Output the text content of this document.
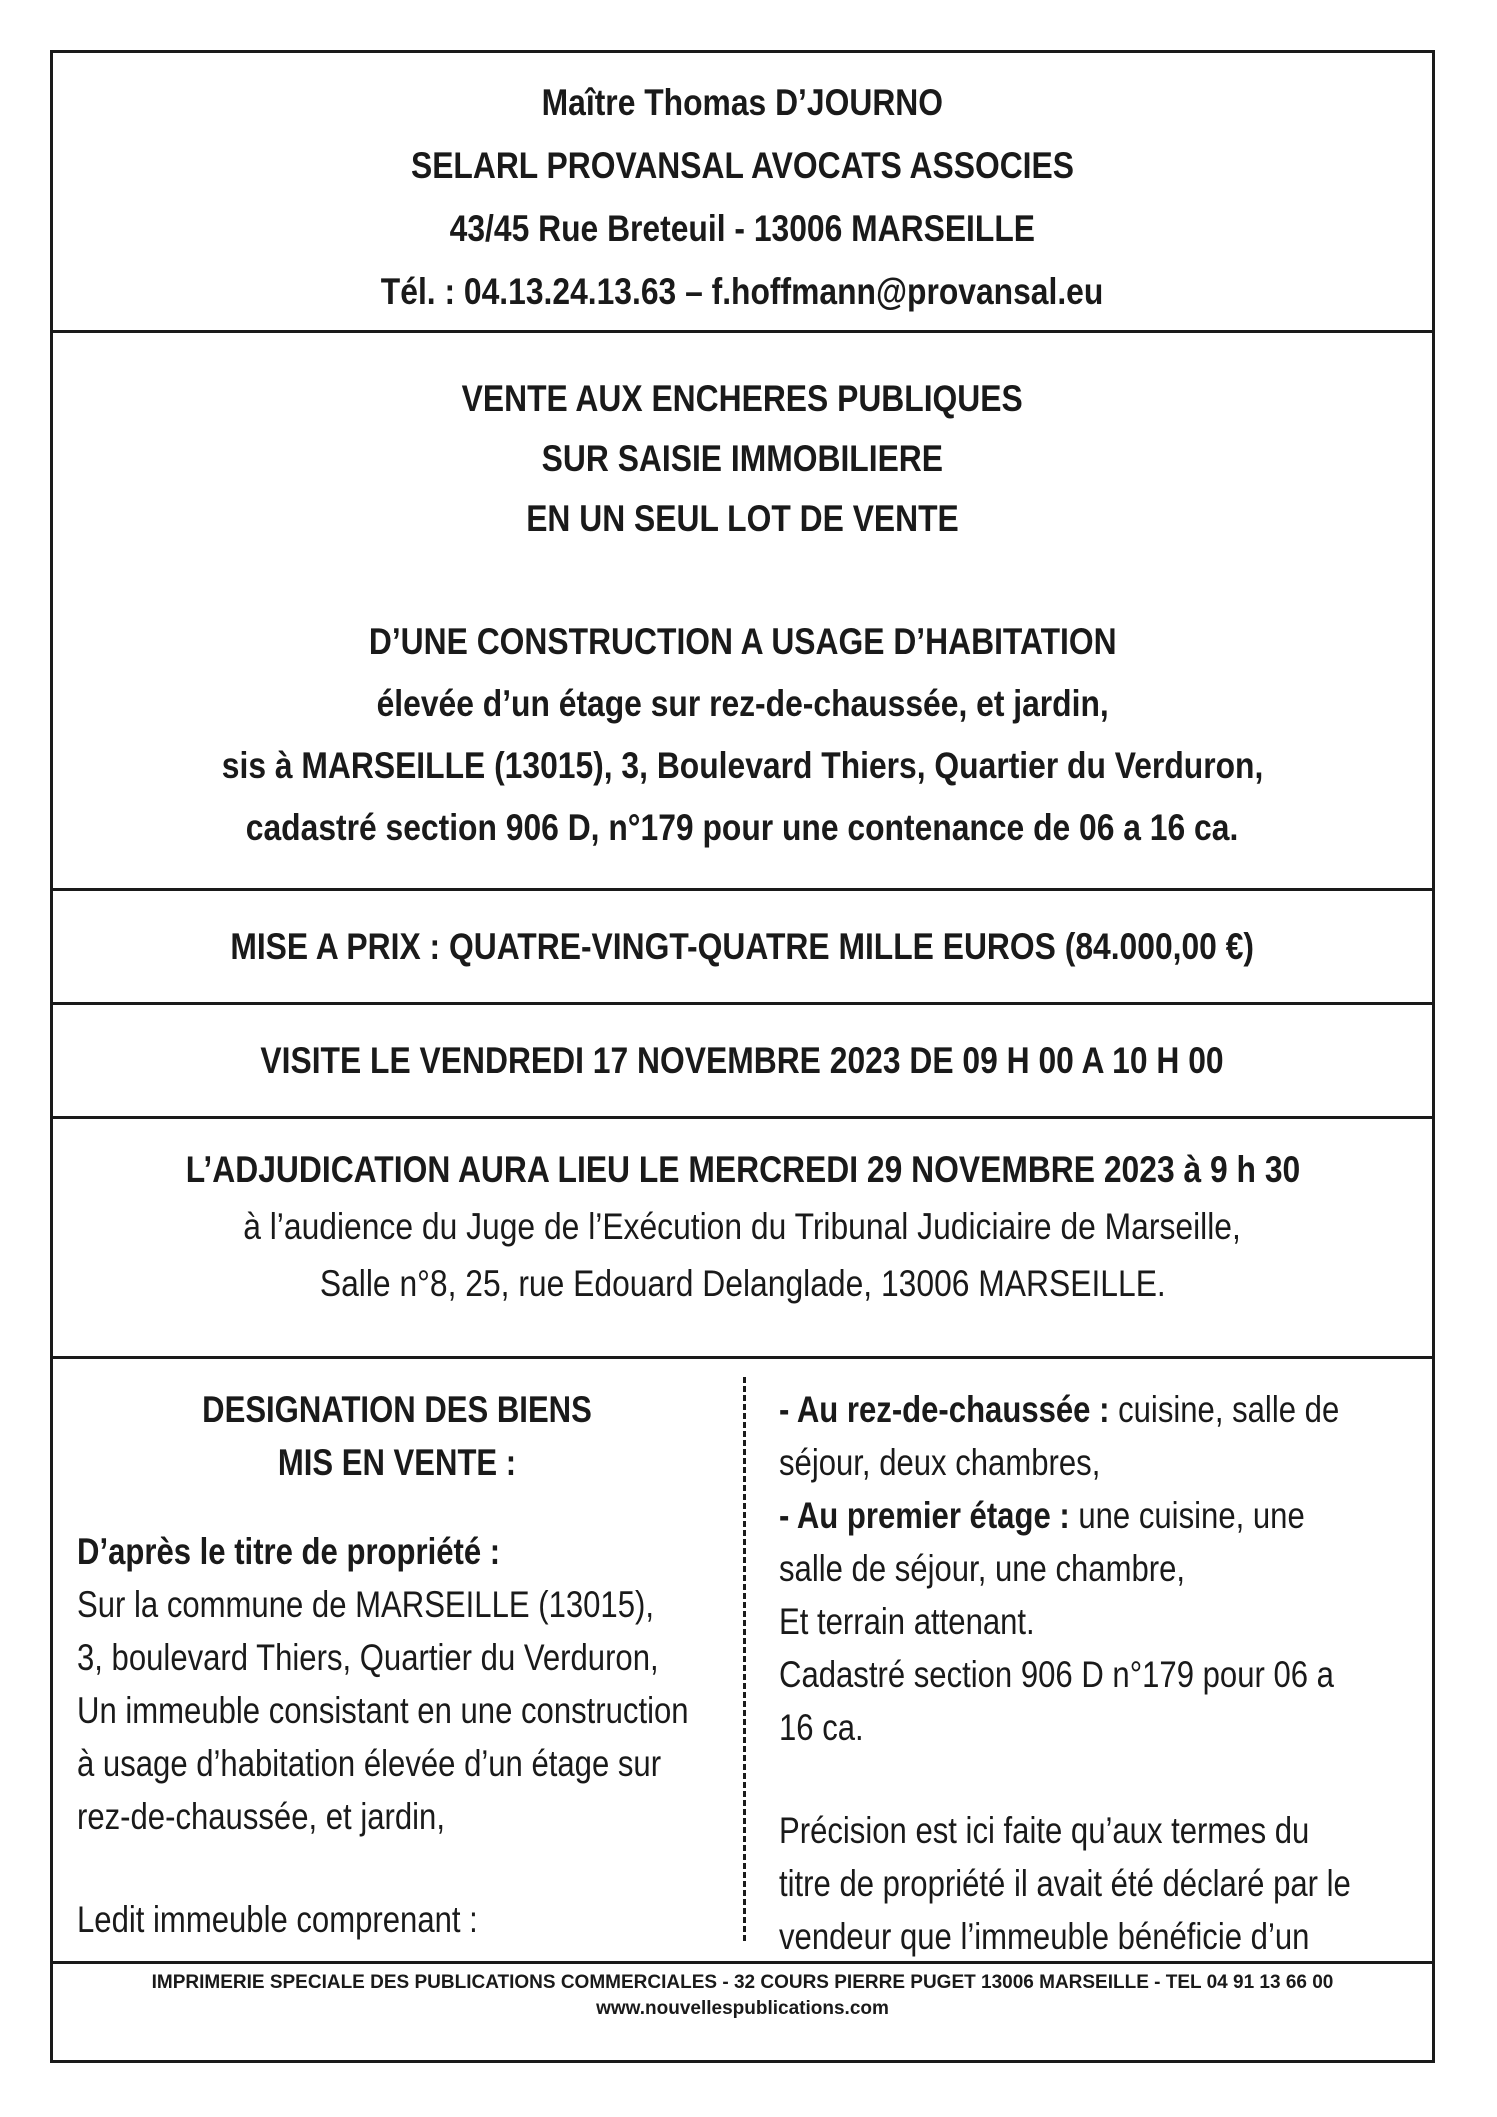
Maître Thomas D’JOURNO
SELARL PROVANSAL AVOCATS ASSOCIES
43/45 Rue Breteuil - 13006 MARSEILLE
Tél. : 04.13.24.13.63 – f.hoffmann@provansal.eu
VENTE AUX ENCHERES PUBLIQUES
SUR SAISIE IMMOBILIERE
EN UN SEUL LOT DE VENTE
D’UNE CONSTRUCTION A USAGE D’HABITATION
élevée d’un étage sur rez-de-chaussée, et jardin,
sis à MARSEILLE (13015), 3, Boulevard Thiers, Quartier du Verduron,
cadastré section 906 D, n°179 pour une contenance de 06 a 16 ca.
MISE A PRIX : QUATRE-VINGT-QUATRE MILLE EUROS (84.000,00 €)
VISITE LE VENDREDI 17 NOVEMBRE 2023 DE 09 H 00 A 10 H 00
L’ADJUDICATION AURA LIEU LE MERCREDI 29 NOVEMBRE 2023 à 9 h 30
à l’audience du Juge de l’Exécution du Tribunal Judiciaire de Marseille,
Salle n°8, 25, rue Edouard Delanglade, 13006 MARSEILLE.
DESIGNATION DES BIENS
MIS EN VENTE :
D’après le titre de propriété :
Sur la commune de MARSEILLE (13015),
3, boulevard Thiers, Quartier du Verduron,
Un immeuble consistant en une construction
à usage d’habitation élevée d’un étage sur
rez-de-chaussée, et jardin,
Ledit immeuble comprenant :
- Au rez-de-chaussée : cuisine, salle de
séjour, deux chambres,
- Au premier étage : une cuisine, une
salle de séjour, une chambre,
Et terrain attenant.
Cadastré section 906 D n°179 pour 06 a
16 ca.
Précision est ici faite qu’aux termes du
titre de propriété il avait été déclaré par le
vendeur que l’immeuble bénéficie d’un
IMPRIMERIE SPECIALE DES PUBLICATIONS COMMERCIALES - 32 COURS PIERRE PUGET 13006 MARSEILLE - TEL 04 91 13 66 00
www.nouvellespublications.com
